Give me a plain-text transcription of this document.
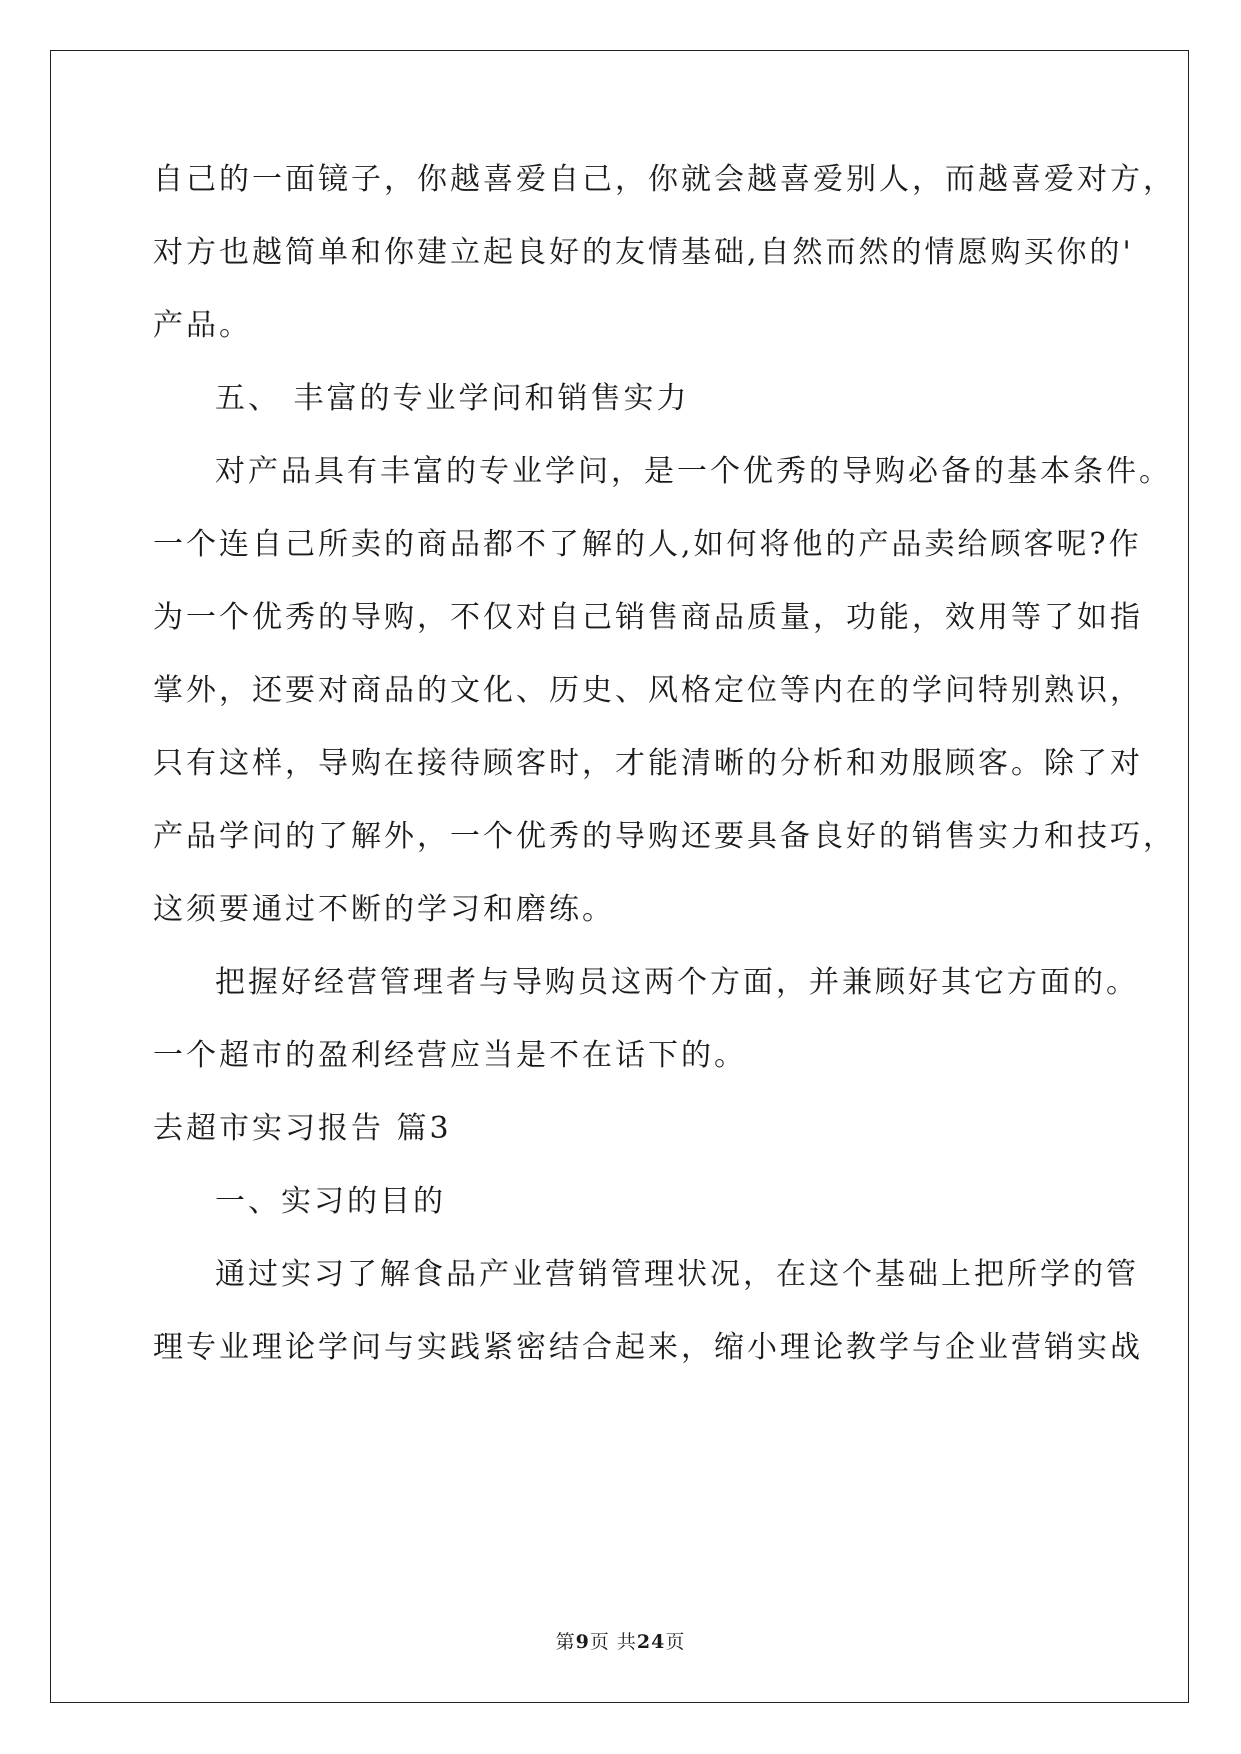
自己的一面镜子，你越喜爱自己，你就会越喜爱别人，而越喜爱对方，
对方也越简单和你建立起良好的友情基础,自然而然的情愿购买你的'
产品。
五、 丰富的专业学问和销售实力
对产品具有丰富的专业学问，是一个优秀的导购必备的基本条件。
一个连自己所卖的商品都不了解的人,如何将他的产品卖给顾客呢?作
为一个优秀的导购，不仅对自己销售商品质量，功能，效用等了如指
掌外，还要对商品的文化、历史、风格定位等内在的学问特别熟识，
只有这样，导购在接待顾客时，才能清晰的分析和劝服顾客。除了对
产品学问的了解外，一个优秀的导购还要具备良好的销售实力和技巧，
这须要通过不断的学习和磨练。
把握好经营管理者与导购员这两个方面，并兼顾好其它方面的。
一个超市的盈利经营应当是不在话下的。
去超市实习报告 篇3
一、实习的目的
通过实习了解食品产业营销管理状况，在这个基础上把所学的管
理专业理论学问与实践紧密结合起来，缩小理论教学与企业营销实战
第9页 共24页
